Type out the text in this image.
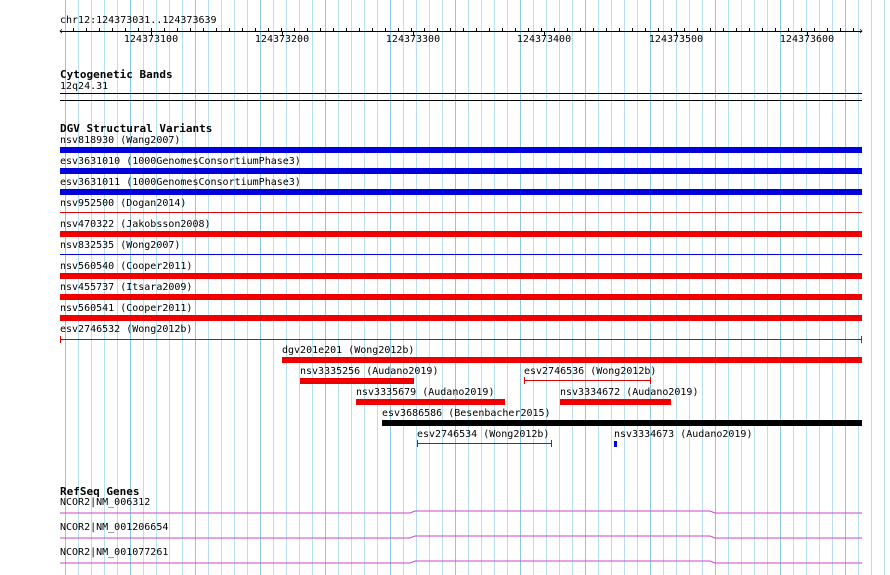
chr12:124373031..124373639
‹	›
124373100	124373200	124373300	124373400	124373500	124373600
Cytogenetic Bands
12q24.31
DGV Structural Variants
nsv818930 (Wang2007)
esv3631010 (1000GenomesConsortiumPhase3)
esv3631011 (1000GenomesConsortiumPhase3)
nsv952500 (Dogan2014)
nsv470322 (Jakobsson2008)
nsv832535 (Wong2007)
nsv560540 (Cooper2011)
nsv455737 (Itsara2009)
nsv560541 (Cooper2011)
esv2746532 (Wong2012b)
dgv201e201 (Wong2012b)
nsv3335256 (Audano2019)	esv2746536 (Wong2012b)
nsv3335679 (Audano2019)	nsv3334672 (Audano2019)
esv3686586 (Besenbacher2015)
esv2746534 (Wong2012b)	nsv3334673 (Audano2019)
RefSeq Genes
NCOR2|NM_006312
NCOR2|NM_001206654
NCOR2|NM_001077261
